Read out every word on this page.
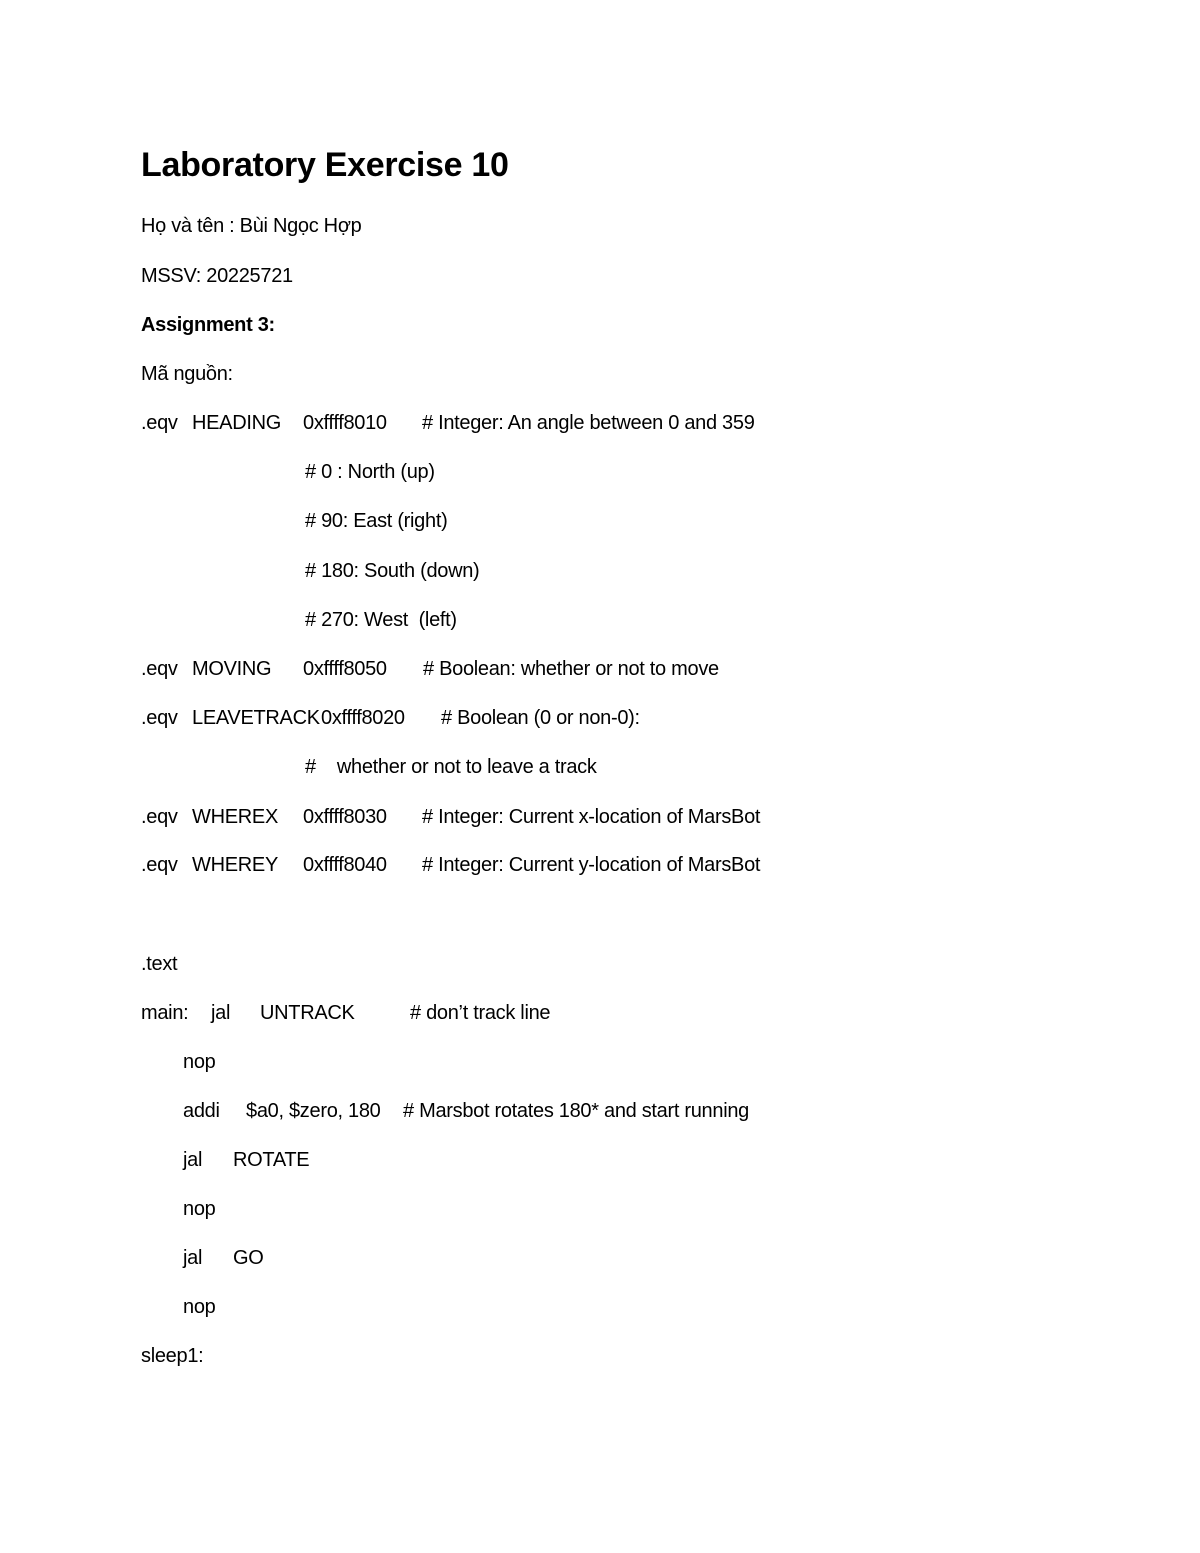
Laboratory Exercise 10
Họ và tên : Bùi Ngọc Hợp
MSSV: 20225721
Assignment 3:
Mã nguồn:

.eqv

HEADING

0xffff8010

# Integer: An angle between 0 and 359

# 0 : North (up)

# 90: East (right)

# 180: South (down)

# 270: West  (left)

.eqv

MOVING

0xffff8050

# Boolean: whether or not to move

.eqv

LEAVETRACK

0xffff8020

# Boolean (0 or non-0):

#    whether or not to leave a track

.eqv

WHEREX

0xffff8030

# Integer: Current x-location of MarsBot

.eqv

WHEREY

0xffff8040

# Integer: Current y-location of MarsBot

.text

main:

jal

UNTRACK

	# don’t track line

nop

addi

$a0, $zero, 180

# Marsbot rotates 180* and start running

jal

ROTATE

nop

jal

GO

nop

sleep1:
